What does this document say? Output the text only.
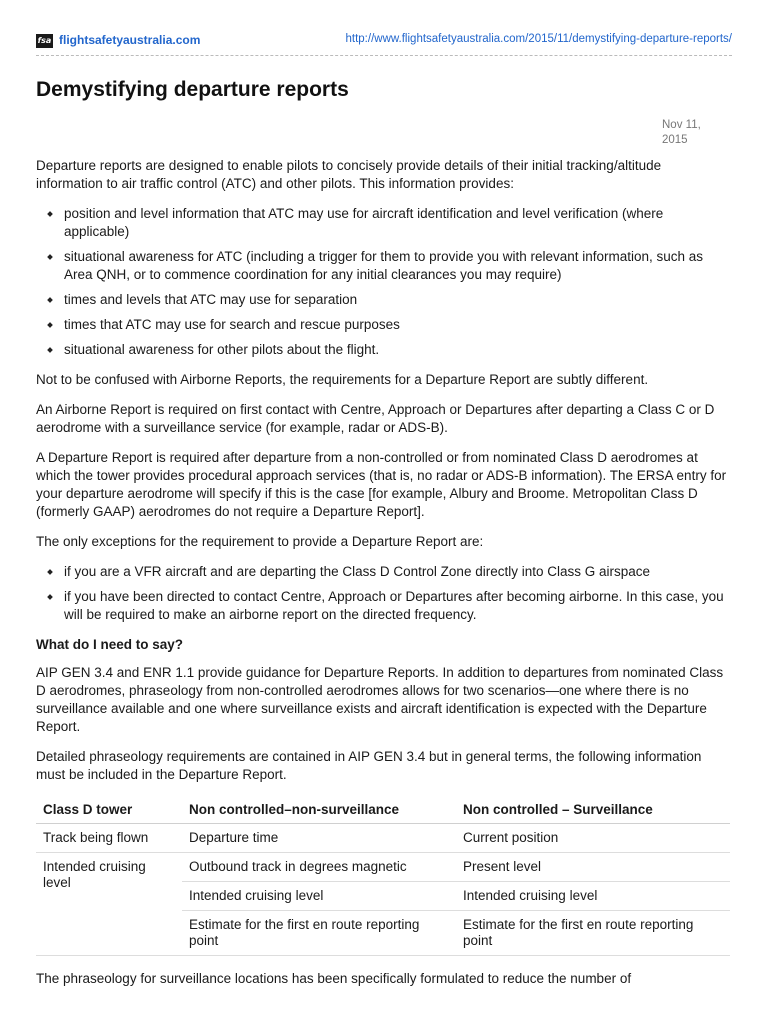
fsa flightsafetyaustralia.com	http://www.flightsafetyaustralia.com/2015/11/demystifying-departure-reports/
Demystifying departure reports
Nov 11,
2015

Departure reports are designed to enable pilots to concisely provide details of their initial tracking/altitude information to air traffic control (ATC) and other pilots. This information provides:

position and level information that ATC may use for aircraft identification and level verification (where applicable)
situational awareness for ATC (including a trigger for them to provide you with relevant information, such as Area QNH, or to commence coordination for any initial clearances you may require)
times and levels that ATC may use for separation
times that ATC may use for search and rescue purposes
situational awareness for other pilots about the flight.

Not to be confused with Airborne Reports, the requirements for a Departure Report are subtly different.

An Airborne Report is required on first contact with Centre, Approach or Departures after departing a Class C or D aerodrome with a surveillance service (for example, radar or ADS-B).

A Departure Report is required after departure from a non-controlled or from nominated Class D aerodromes at which the tower provides procedural approach services (that is, no radar or ADS-B information). The ERSA entry for your departure aerodrome will specify if this is the case [for example, Albury and Broome. Metropolitan Class D (formerly GAAP) aerodromes do not require a Departure Report].

The only exceptions for the requirement to provide a Departure Report are:

if you are a VFR aircraft and are departing the Class D Control Zone directly into Class G airspace
if you have been directed to contact Centre, Approach or Departures after becoming airborne. In this case, you will be required to make an airborne report on the directed frequency.
What do I need to say?

AIP GEN 3.4 and ENR 1.1 provide guidance for Departure Reports. In addition to departures from nominated Class D aerodromes, phraseology from non-controlled aerodromes allows for two scenarios—one where there is no surveillance available and one where surveillance exists and aircraft identification is expected with the Departure Report.

Detailed phraseology requirements are contained in AIP GEN 3.4 but in general terms, the following information must be included in the Departure Report.

Class D tower	Non controlled–non-surveillance	Non controlled – Surveillance
Track being flown	Departure time	Current position
Intended cruising level	Outbound track in degrees magnetic	Present level
	Intended cruising level	Intended cruising level
	Estimate for the first en route reporting point	Estimate for the first en route reporting point

The phraseology for surveillance locations has been specifically formulated to reduce the number of
